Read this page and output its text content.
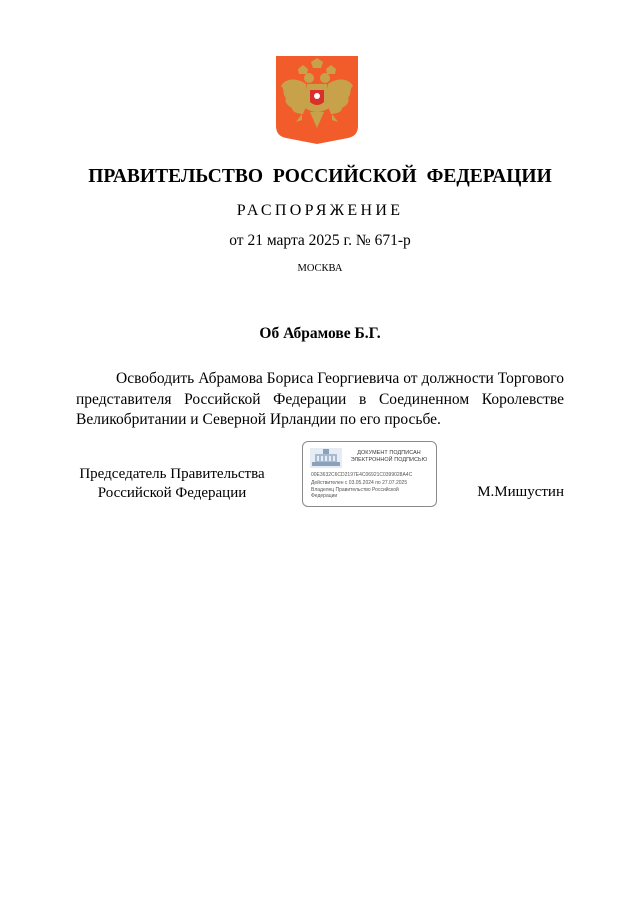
ПРАВИТЕЛЬСТВО РОССИЙСКОЙ ФЕДЕРАЦИИ
РАСПОРЯЖЕНИЕ
от 21 марта 2025 г. № 671-р
МОСКВА
Об Абрамове Б.Г.
Освободить Абрамова Бориса Георгиевича от должности Торгового представителя Российской Федерации в Соединенном Королевстве Великобритании и Северной Ирландии по его просьбе.
Председатель Правительства
Российской Федерации
ДОКУМЕНТ ПОДПИСАН
ЭЛЕКТРОННОЙ ПОДПИСЬЮ
00E3632C6CD2197E4C06921C0399028A4C
Действителен с 03.05.2024 по 27.07.2025
Владелец Правительство Российской
Федерации	М.Мишустин
